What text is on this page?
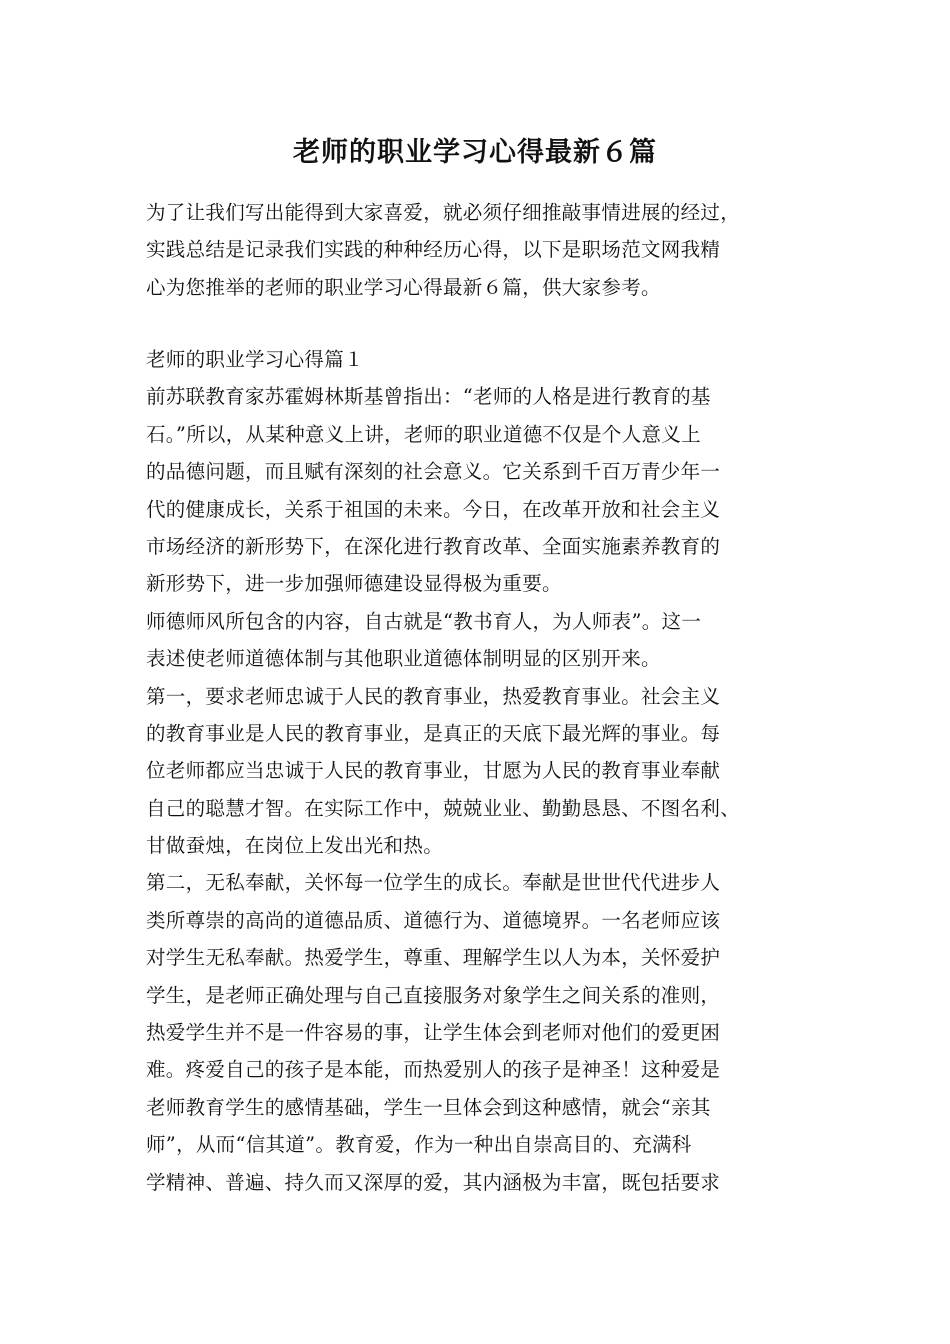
老师的职业学习心得最新６篇
为了让我们写出能得到大家喜爱，就必须仔细推敲事情进展的经过，
实践总结是记录我们实践的种种经历心得，以下是职场范文网我精
心为您推举的老师的职业学习心得最新６篇，供大家参考。
老师的职业学习心得篇１
前苏联教育家苏霍姆林斯基曾指出：“老师的人格是进行教育的基
石。”所以，从某种意义上讲，老师的职业道德不仅是个人意义上
的品德问题，而且赋有深刻的社会意义。它关系到千百万青少年一
代的健康成长，关系于祖国的未来。今日，在改革开放和社会主义
市场经济的新形势下，在深化进行教育改革、全面实施素养教育的
新形势下，进一步加强师德建设显得极为重要。
师德师风所包含的内容，自古就是“教书育人，为人师表”。这一
表述使老师道德体制与其他职业道德体制明显的区别开来。
第一，要求老师忠诚于人民的教育事业，热爱教育事业。社会主义
的教育事业是人民的教育事业，是真正的天底下最光辉的事业。每
位老师都应当忠诚于人民的教育事业，甘愿为人民的教育事业奉献
自己的聪慧才智。在实际工作中，兢兢业业、勤勤恳恳、不图名利、
甘做蚕烛，在岗位上发出光和热。
第二，无私奉献，关怀每一位学生的成长。奉献是世世代代进步人
类所尊崇的高尚的道德品质、道德行为、道德境界。一名老师应该
对学生无私奉献。热爱学生，尊重、理解学生以人为本，关怀爱护
学生，是老师正确处理与自己直接服务对象学生之间关系的准则，
热爱学生并不是一件容易的事，让学生体会到老师对他们的爱更困
难。疼爱自己的孩子是本能，而热爱别人的孩子是神圣！这种爱是
老师教育学生的感情基础，学生一旦体会到这种感情，就会“亲其
师”，从而“信其道”。教育爱，作为一种出自崇高目的、充满科
学精神、普遍、持久而又深厚的爱，其内涵极为丰富，既包括要求
